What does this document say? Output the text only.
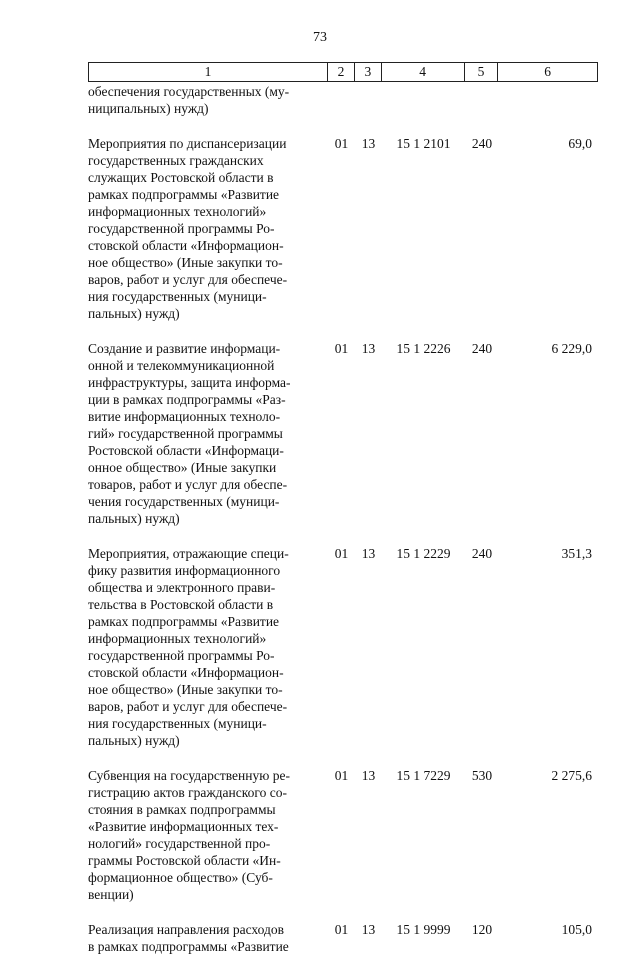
73
1	2	3	4	5	6
обеспечения государственных (му-
ниципальных) нужд)
Мероприятия по диспансеризации
государственных гражданских
служащих Ростовской области в
рамках подпрограммы «Развитие
информационных технологий»
государственной программы Ро-
стовской области «Информацион-
ное общество» (Иные закупки то-
варов, работ и услуг для обеспече-
ния государственных (муници-
пальных) нужд)
01	13	15 1 2101	240	69,0
Создание и развитие информаци-
онной и телекоммуникационной
инфраструктуры, защита информа-
ции в рамках подпрограммы «Раз-
витие информационных техноло-
гий» государственной программы
Ростовской области «Информаци-
онное общество» (Иные закупки
товаров, работ и услуг для обеспе-
чения государственных (муници-
пальных) нужд)
01	13	15 1 2226	240	6 229,0
Мероприятия, отражающие специ-
фику развития информационного
общества и электронного прави-
тельства в Ростовской области в
рамках подпрограммы «Развитие
информационных технологий»
государственной программы Ро-
стовской области «Информацион-
ное общество» (Иные закупки то-
варов, работ и услуг для обеспече-
ния государственных (муници-
пальных) нужд)
01	13	15 1 2229	240	351,3
Субвенция на государственную ре-
гистрацию актов гражданского со-
стояния в рамках подпрограммы
«Развитие информационных тех-
нологий» государственной про-
граммы Ростовской области «Ин-
формационное общество» (Суб-
венции)
01	13	15 1 7229	530	2 275,6
Реализация направления расходов
в рамках подпрограммы «Развитие
01	13	15 1 9999	120	105,0
